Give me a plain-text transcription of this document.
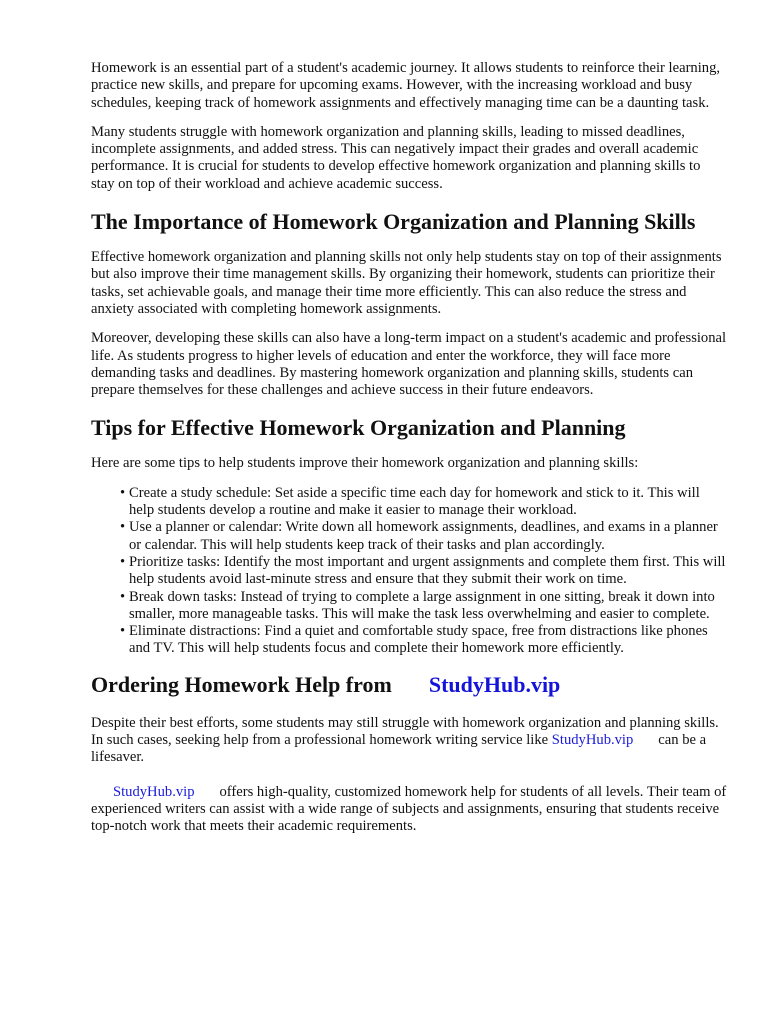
Homework is an essential part of a student's academic journey. It allows students to reinforce their learning, practice new skills, and prepare for upcoming exams. However, with the increasing workload and busy schedules, keeping track of homework assignments and effectively managing time can be a daunting task.

Many students struggle with homework organization and planning skills, leading to missed deadlines, incomplete assignments, and added stress. This can negatively impact their grades and overall academic performance. It is crucial for students to develop effective homework organization and planning skills to stay on top of their workload and achieve academic success.

The Importance of Homework Organization and Planning Skills

Effective homework organization and planning skills not only help students stay on top of their assignments but also improve their time management skills. By organizing their homework, students can prioritize their tasks, set achievable goals, and manage their time more efficiently. This can also reduce the stress and anxiety associated with completing homework assignments.

Moreover, developing these skills can also have a long-term impact on a student's academic and professional life. As students progress to higher levels of education and enter the workforce, they will face more demanding tasks and deadlines. By mastering homework organization and planning skills, students can prepare themselves for these challenges and achieve success in their future endeavors.

Tips for Effective Homework Organization and Planning

Here are some tips to help students improve their homework organization and planning skills:

• Create a study schedule: Set aside a specific time each day for homework and stick to it. This will help students develop a routine and make it easier to manage their workload.
• Use a planner or calendar: Write down all homework assignments, deadlines, and exams in a planner or calendar. This will help students keep track of their tasks and plan accordingly.
• Prioritize tasks: Identify the most important and urgent assignments and complete them first. This will help students avoid last-minute stress and ensure that they submit their work on time.
• Break down tasks: Instead of trying to complete a large assignment in one sitting, break it down into smaller, more manageable tasks. This will make the task less overwhelming and easier to complete.
• Eliminate distractions: Find a quiet and comfortable study space, free from distractions like phones and TV. This will help students focus and complete their homework more efficiently.
Ordering Homework Help from StudyHub.vip

Despite their best efforts, some students may still struggle with homework organization and planning skills. In such cases, seeking help from a professional homework writing service like StudyHub.vip can be a lifesaver.

StudyHub.vip offers high-quality, customized homework help for students of all levels. Their team of experienced writers can assist with a wide range of subjects and assignments, ensuring that students receive top-notch work that meets their academic requirements.
